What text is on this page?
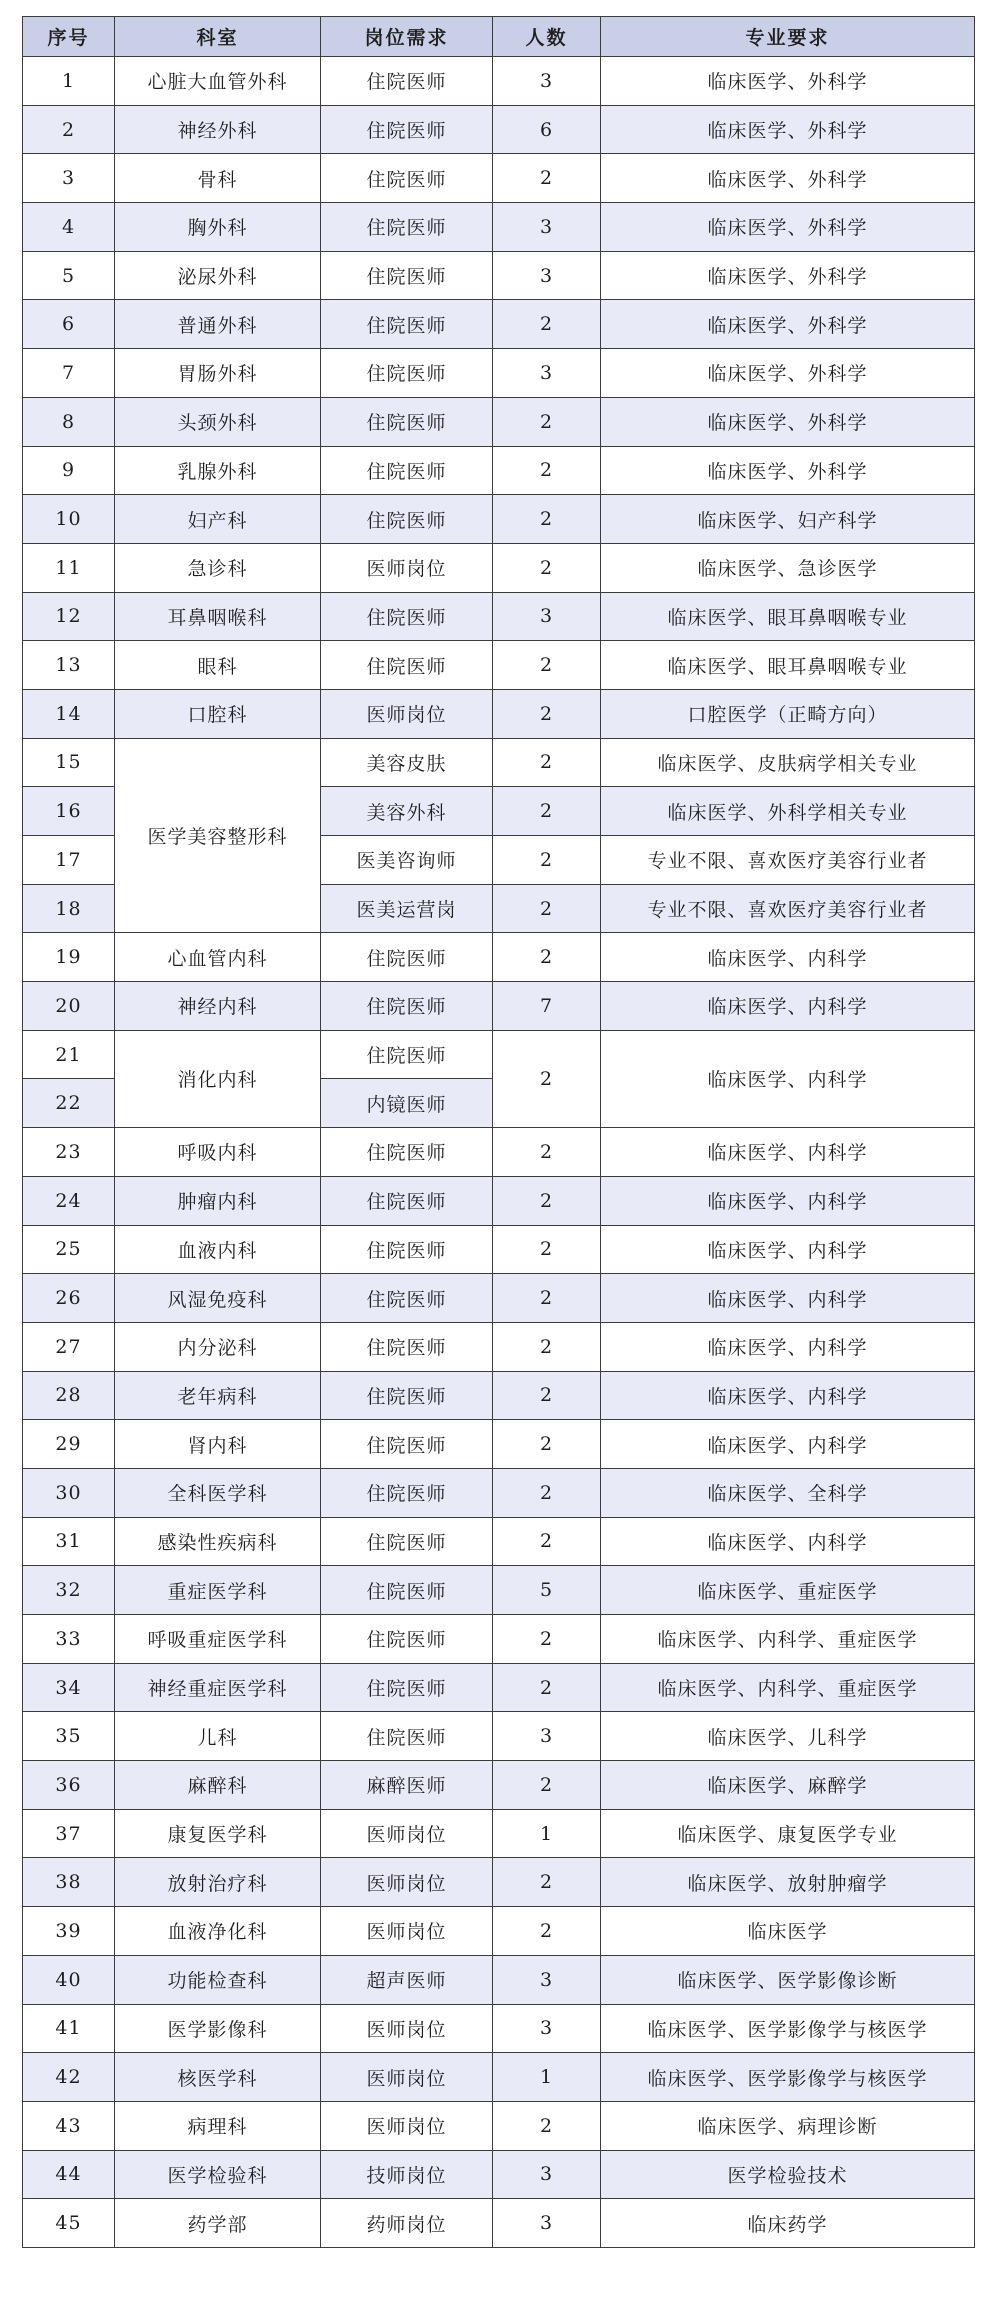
序号	科室	岗位需求	人数	专业要求
1	心脏大血管外科	住院医师	3	临床医学、外科学
2	神经外科	住院医师	6	临床医学、外科学
3	骨科	住院医师	2	临床医学、外科学
4	胸外科	住院医师	3	临床医学、外科学
5	泌尿外科	住院医师	3	临床医学、外科学
6	普通外科	住院医师	2	临床医学、外科学
7	胃肠外科	住院医师	3	临床医学、外科学
8	头颈外科	住院医师	2	临床医学、外科学
9	乳腺外科	住院医师	2	临床医学、外科学
10	妇产科	住院医师	2	临床医学、妇产科学
11	急诊科	医师岗位	2	临床医学、急诊医学
12	耳鼻咽喉科	住院医师	3	临床医学、眼耳鼻咽喉专业
13	眼科	住院医师	2	临床医学、眼耳鼻咽喉专业
14	口腔科	医师岗位	2	口腔医学（正畸方向）
15	医学美容整形科	美容皮肤	2	临床医学、皮肤病学相关专业
16		美容外科	2	临床医学、外科学相关专业
17		医美咨询师	2	专业不限、喜欢医疗美容行业者
18		医美运营岗	2	专业不限、喜欢医疗美容行业者
19	心血管内科	住院医师	2	临床医学、内科学
20	神经内科	住院医师	7	临床医学、内科学
21	消化内科	住院医师	2	临床医学、内科学
22		内镜医师		
23	呼吸内科	住院医师	2	临床医学、内科学
24	肿瘤内科	住院医师	2	临床医学、内科学
25	血液内科	住院医师	2	临床医学、内科学
26	风湿免疫科	住院医师	2	临床医学、内科学
27	内分泌科	住院医师	2	临床医学、内科学
28	老年病科	住院医师	2	临床医学、内科学
29	肾内科	住院医师	2	临床医学、内科学
30	全科医学科	住院医师	2	临床医学、全科学
31	感染性疾病科	住院医师	2	临床医学、内科学
32	重症医学科	住院医师	5	临床医学、重症医学
33	呼吸重症医学科	住院医师	2	临床医学、内科学、重症医学
34	神经重症医学科	住院医师	2	临床医学、内科学、重症医学
35	儿科	住院医师	3	临床医学、儿科学
36	麻醉科	麻醉医师	2	临床医学、麻醉学
37	康复医学科	医师岗位	1	临床医学、康复医学专业
38	放射治疗科	医师岗位	2	临床医学、放射肿瘤学
39	血液净化科	医师岗位	2	临床医学
40	功能检查科	超声医师	3	临床医学、医学影像诊断
41	医学影像科	医师岗位	3	临床医学、医学影像学与核医学
42	核医学科	医师岗位	1	临床医学、医学影像学与核医学
43	病理科	医师岗位	2	临床医学、病理诊断
44	医学检验科	技师岗位	3	医学检验技术
45	药学部	药师岗位	3	临床药学
